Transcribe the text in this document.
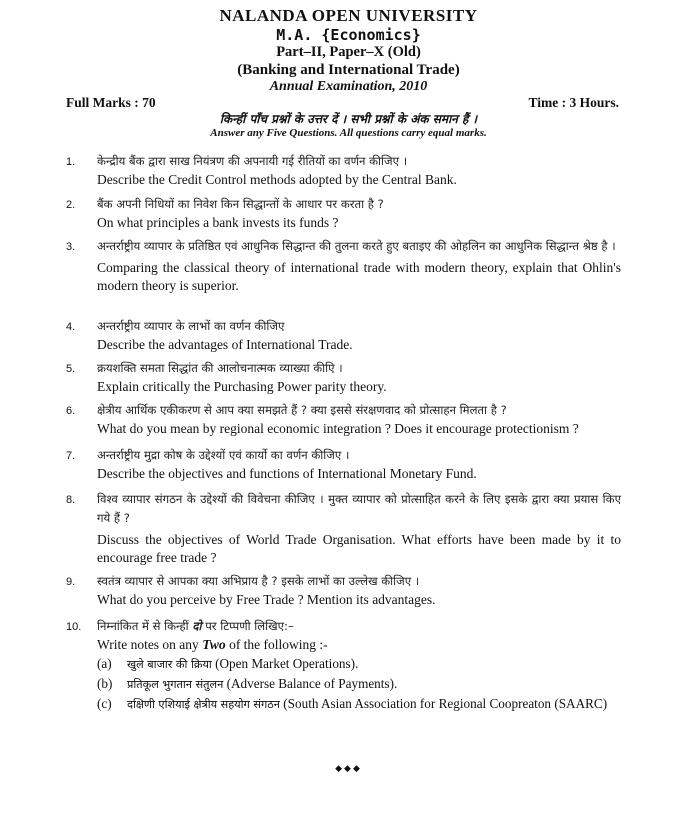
NALANDA OPEN UNIVERSITY
M.A. {Economics}
Part–II, Paper–X (Old)
(Banking and International Trade)
Annual Examination, 2010
Full Marks : 70	Time : 3 Hours.
किन्हीं पाँच प्रश्नों के उत्तर दें । सभी प्रश्नों के अंक समान हैं ।
Answer any Five Questions. All questions carry equal marks.
1. केन्द्रीय बैंक द्वारा साख नियंत्रण की अपनायी गई रीतियों का वर्णन कीजिए ।
Describe the Credit Control methods adopted by the Central Bank.
2. बैंक अपनी निधियों का निवेश किन सिद्धान्तों के आधार पर करता है ?
On what principles a bank invests its funds ?
3. अन्तर्राष्ट्रीय व्यापार के प्रतिष्ठित एवं आधुनिक सिद्धान्त की तुलना करते हुए बताइए की ओहलिन का आधुनिक सिद्धान्त श्रेष्ठ है ।
Comparing the classical theory of international trade with modern theory, explain that Ohlin's modern theory is superior.
4. अन्तर्राष्ट्रीय व्यापार के लाभों का वर्णन कीजिए
Describe the advantages of International Trade.
5. क्रयशक्ति समता सिद्धांत की आलोचनात्मक व्याख्या कीएि ।
Explain critically the Purchasing Power parity theory.
6. क्षेत्रीय आर्थिक एकीकरण से आप क्या समझते हैं ? क्या इससे संरक्षणवाद को प्रोत्साहन मिलता है ?
What do you mean by regional economic integration ? Does it encourage protectionism ?
7. अन्तर्राष्ट्रीय मुद्रा कोष के उद्देश्यों एवं कार्यो का वर्णन कीजिए ।
Describe the objectives and functions of International Monetary Fund.
8. विश्व व्यापार संगठन के उद्देश्यों की विवेचना कीजिए । मुक्त व्यापार को प्रोत्साहित करने के लिए इसके द्वारा क्या प्रयास किए गये हैं ?
Discuss the objectives of World Trade Organisation. What efforts have been made by it to encourage free trade ?
9. स्वतंत्र व्यापार से आपका क्या अभिप्राय है ? इसके लाभों का उल्लेख कीजिए ।
What do you perceive by Free Trade ? Mention its advantages.
10. निम्नांकित में से किन्हीं दो पर टिप्पणी लिखिए:–
Write notes on any Two of the following :-
(a)	खुले बाजार की क्रिया (Open Market Operations).
(b)	प्रतिकूल भुगतान संतुलन (Adverse Balance of Payments).
(c)	दक्षिणी एशियाई क्षेत्रीय सहयोग संगठन (South Asian Association for Regional Coopreaton (SAARC)
◆◆◆
